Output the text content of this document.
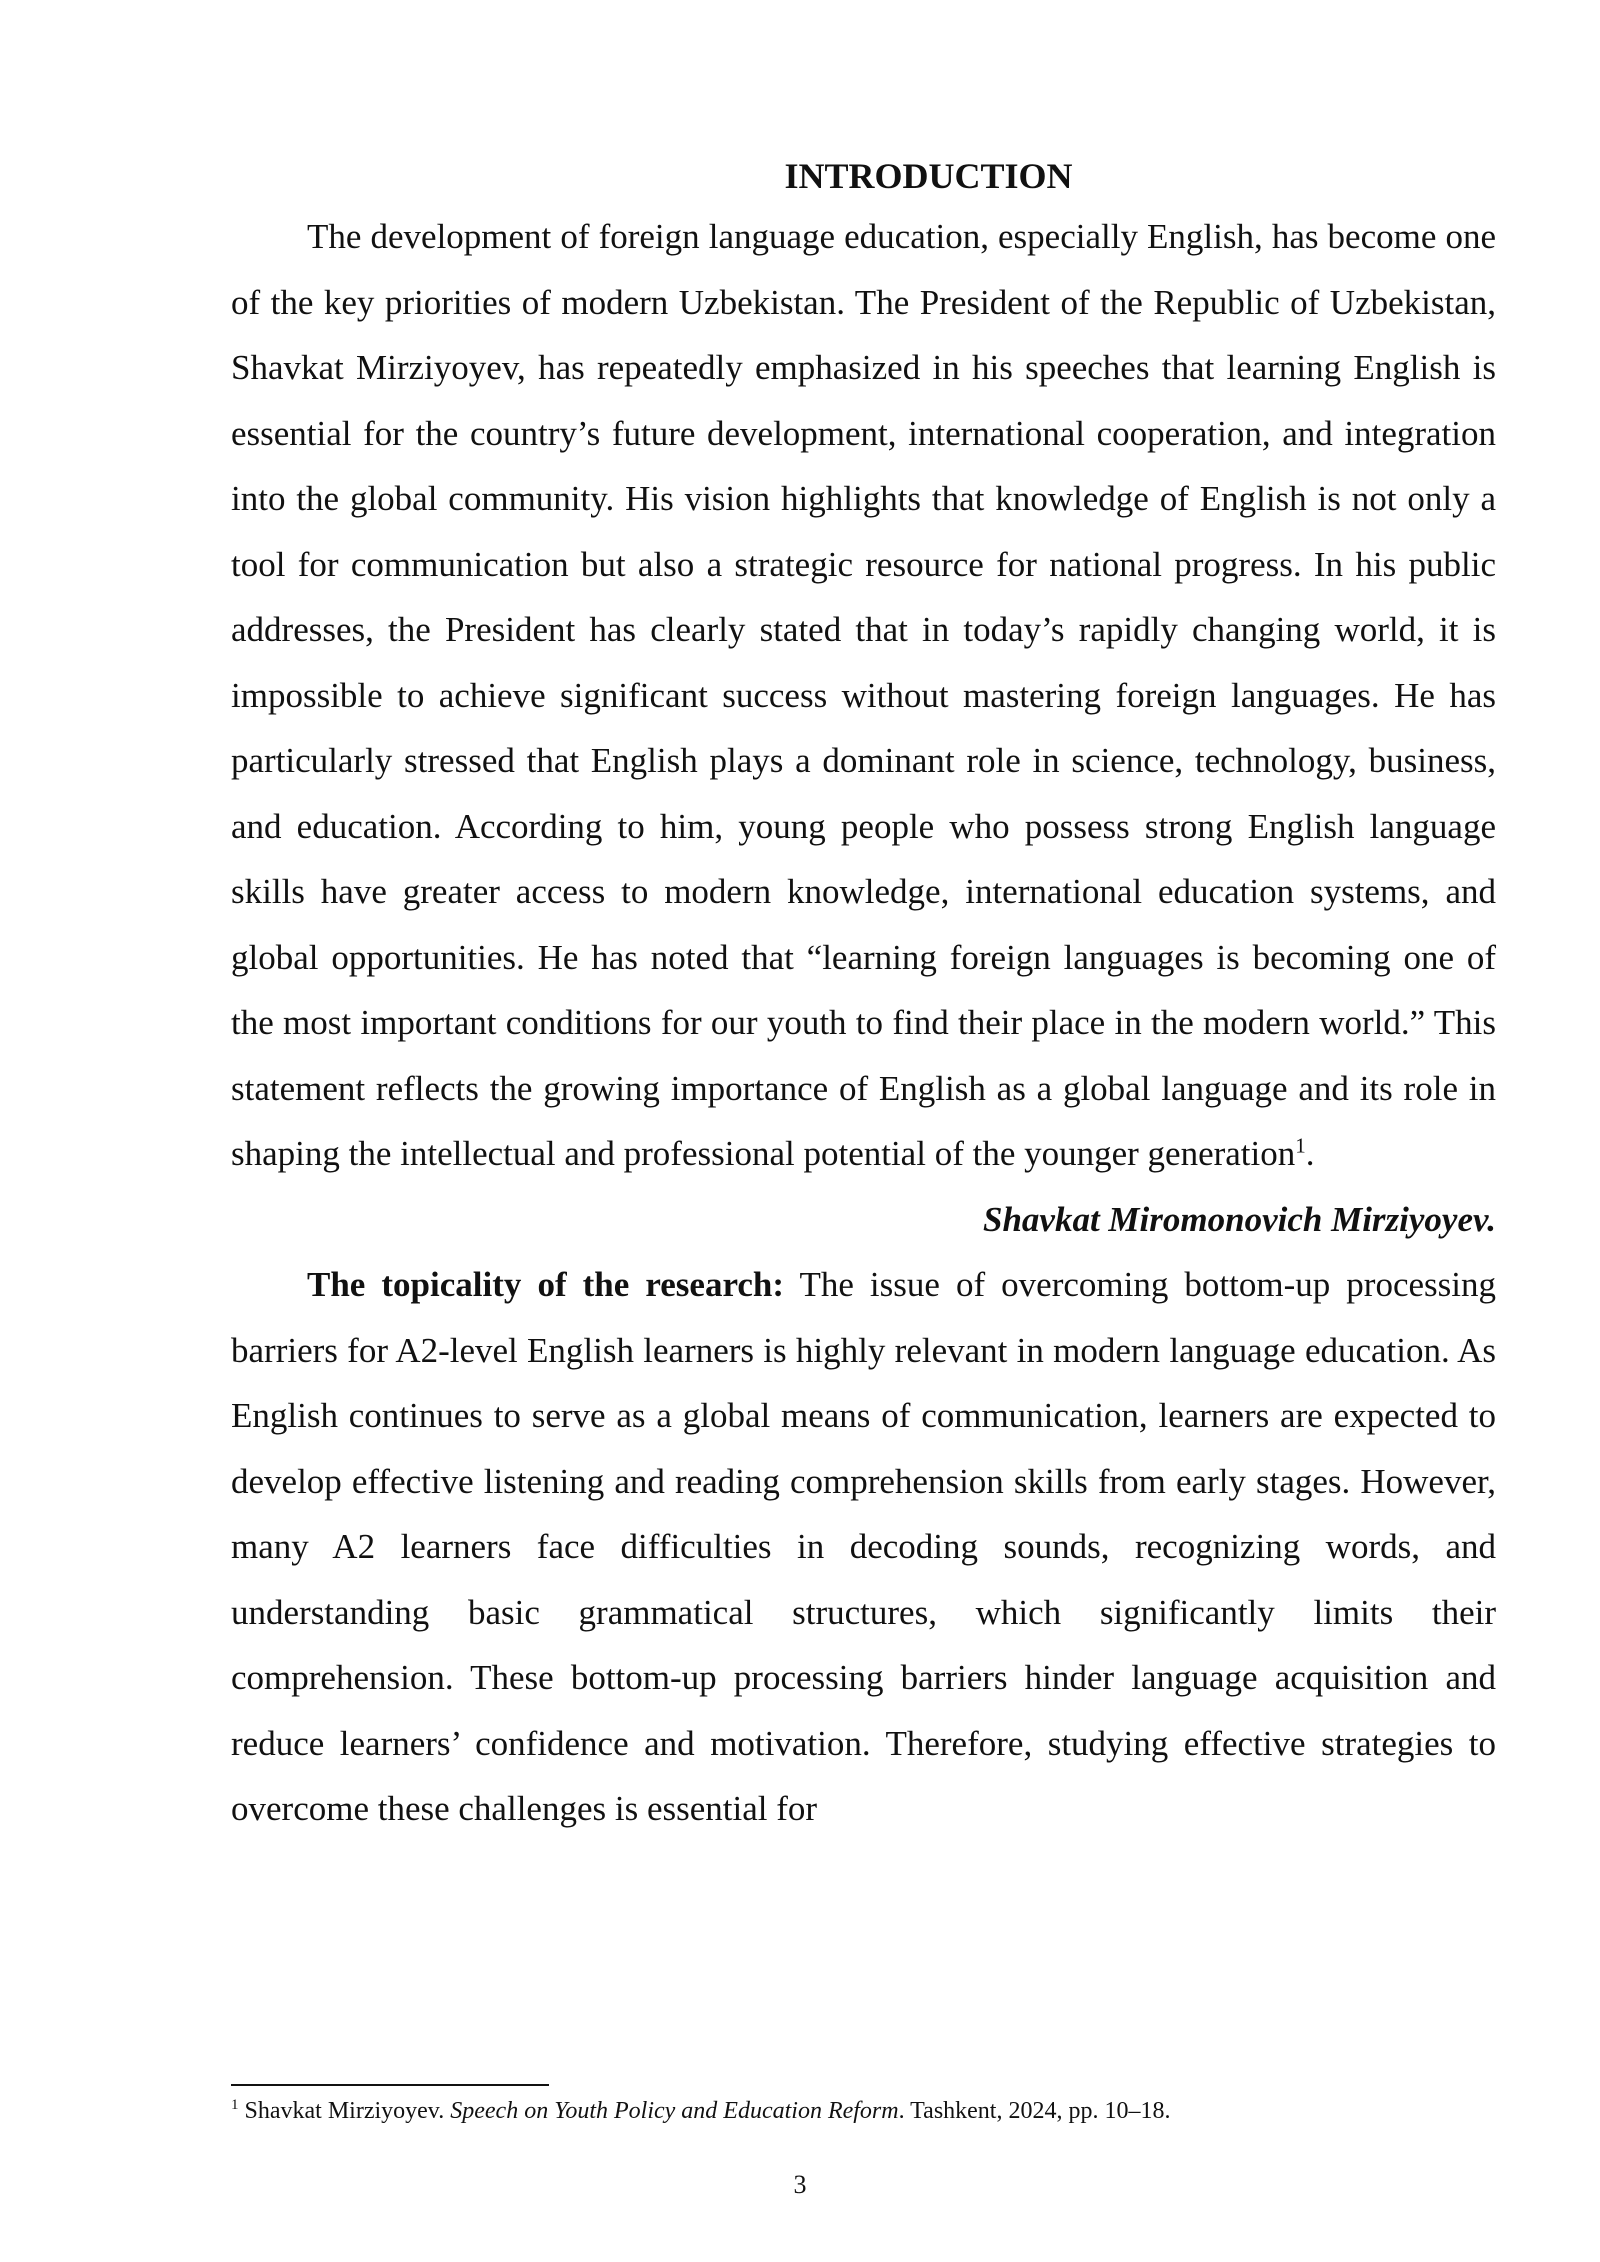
INTRODUCTION

The development of foreign language education, especially English, has become one of the key priorities of modern Uzbekistan. The President of the Republic of Uzbekistan, Shavkat Mirziyoyev, has repeatedly emphasized in his speeches that learning English is essential for the country’s future development, international cooperation, and integration into the global community. His vision highlights that knowledge of English is not only a tool for communication but also a strategic resource for national progress. In his public addresses, the President has clearly stated that in today’s rapidly changing world, it is impossible to achieve significant success without mastering foreign languages. He has particularly stressed that English plays a dominant role in science, technology, business, and education. According to him, young people who possess strong English language skills have greater access to modern knowledge, international education systems, and global opportunities. He has noted that “learning foreign languages is becoming one of the most important conditions for our youth to find their place in the modern world.” This statement reflects the growing importance of English as a global language and its role in shaping the intellectual and professional potential of the younger generation$^1$.

Shavkat Miromonovich Mirziyoyev.

The topicality of the research: The issue of overcoming bottom-up processing barriers for A2-level English learners is highly relevant in modern language education. As English continues to serve as a global means of communication, learners are expected to develop effective listening and reading comprehension skills from early stages. However, many A2 learners face difficulties in decoding sounds, recognizing words, and understanding basic grammatical structures, which significantly limits their comprehension. These bottom-up processing barriers hinder language acquisition and reduce learners’ confidence and motivation. Therefore, studying effective strategies to overcome these challenges is essential for

$^1$ Shavkat Mirziyoyev. Speech on Youth Policy and Education Reform. Tashkent, 2024, pp. 10–18.

3
